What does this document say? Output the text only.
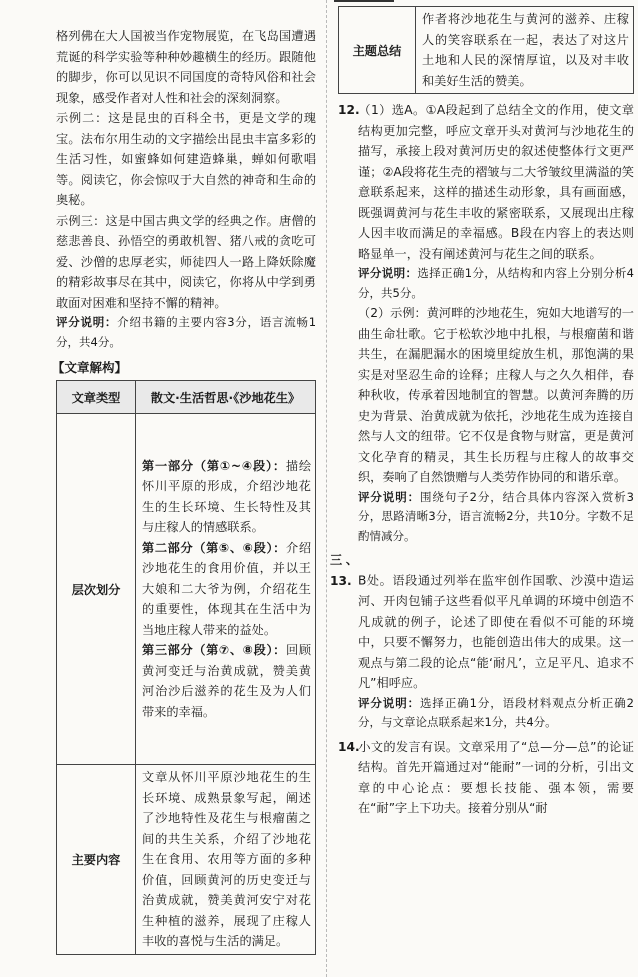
格列佛在大人国被当作宠物展览，在飞岛国遭遇荒诞的科学实验等种种妙趣横生的经历。跟随他的脚步，你可以见识不同国度的奇特风俗和社会现象，感受作者对人性和社会的深刻洞察。

示例二：这是昆虫的百科全书，更是文学的瑰宝。法布尔用生动的文字描绘出昆虫丰富多彩的生活习性，如蜜蜂如何建造蜂巢，蝉如何歌唱等。阅读它，你会惊叹于大自然的神奇和生命的奥秘。

示例三：这是中国古典文学的经典之作。唐僧的慈悲善良、孙悟空的勇敢机智、猪八戒的贪吃可爱、沙僧的忠厚老实，师徒四人一路上降妖除魔的精彩故事尽在其中，阅读它，你将从中学到勇敢面对困难和坚持不懈的精神。

评分说明：介绍书籍的主要内容3分，语言流畅1分，共4分。

【文章解构】
文章类型	散文·生活哲思·《沙地花生》
层次划分	第一部分（第①~④段）：描绘怀川平原的形成，介绍沙地花生的生长环境、生长特性及其与庄稼人的情感联系。

第二部分（第⑤、⑥段）：介绍沙地花生的食用价值，并以王大娘和二大爷为例，介绍花生的重要性，体现其在生活中为当地庄稼人带来的益处。

第三部分（第⑦、⑧段）：回顾黄河变迁与治黄成就，赞美黄河治沙后滋养的花生及为人们带来的幸福。

主要内容	文章从怀川平原沙地花生的生长环境、成熟景象写起，阐述了沙地特性及花生与根瘤菌之间的共生关系，介绍了沙地花生在食用、农用等方面的多种价值，回顾黄河的历史变迁与治黄成就，赞美黄河安宁对花生种植的滋养，展现了庄稼人丰收的喜悦与生活的满足。

主题总结	作者将沙地花生与黄河的滋养、庄稼人的笑容联系在一起，表达了对这片土地和人民的深情厚谊，以及对丰收和美好生活的赞美。

12.（1）选A。①A段起到了总结全文的作用，使文章结构更加完整，呼应文章开头对黄河与沙地花生的描写，承接上段对黄河历史的叙述使整体行文更严谨；②A段将花生壳的褶皱与二大爷皱纹里满溢的笑意联系起来，这样的描述生动形象，具有画面感，既强调黄河与花生丰收的紧密联系，又展现出庄稼人因丰收而满足的幸福感。B段在内容上的表达则略显单一，没有阐述黄河与花生之间的联系。

评分说明：选择正确1分，从结构和内容上分别分析4分，共5分。

（2）示例：黄河畔的沙地花生，宛如大地谱写的一曲生命壮歌。它于松软沙地中扎根，与根瘤菌和谐共生，在漏肥漏水的困境里绽放生机，那饱满的果实是对坚忍生命的诠释；庄稼人与之久久相伴，春种秋收，传承着因地制宜的智慧。以黄河奔腾的历史为背景、治黄成就为依托，沙地花生成为连接自然与人文的纽带。它不仅是食物与财富，更是黄河文化孕育的精灵，其生长历程与庄稼人的故事交织，奏响了自然馈赠与人类劳作协同的和谐乐章。

评分说明：围绕句子2分，结合具体内容深入赏析3分，思路清晰3分，语言流畅2分，共10分。字数不足酌情减分。

三、13. B处。语段通过列举在监牢创作国歌、沙漠中造运河、开肉包铺子这些看似平凡单调的环境中创造不凡成就的例子，论述了即使在看似不可能的环境中，只要不懈努力，也能创造出伟大的成果。这一观点与第二段的论点“能‘耐凡’，立足平凡、追求不凡”相呼应。

评分说明：选择正确1分，语段材料观点分析正确2分，与文章论点联系起来1分，共4分。

14.小文的发言有误。文章采用了“总—分—总”的论证结构。首先开篇通过对“能耐”一词的分析，引出文章的中心论点：要想长技能、强本领，需要在“耐”字上下功夫。接着分别从“耐
